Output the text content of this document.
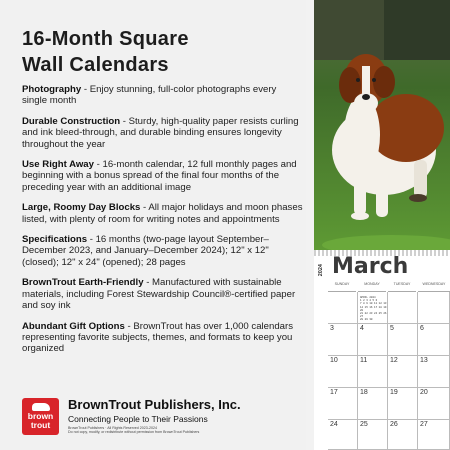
16-Month Square
Wall Calendars
Photography - Enjoy stunning, full-color photographs every single month
Durable Construction - Sturdy, high-quality paper resists curling and ink bleed-through, and durable binding ensures longevity throughout the year
Use Right Away - 16-month calendar, 12 full monthly pages and beginning with a bonus spread of the final four months of the preceding year with an additional image
Large, Roomy Day Blocks - All major holidays and moon phases listed, with plenty of room for writing notes and appointments
Specifications - 16 months (two-page layout September–December 2023, and January–December 2024); 12" x 12" (closed); 12" x 24" (opened); 28 pages
BrownTrout Earth-Friendly - Manufactured with sustainable materials, including Forest Stewardship Council®-certified paper and soy ink
Abundant Gift Options - BrownTrout has over 1,000 calendars representing favorite subjects, themes, and formats to keep you organized
brown
trout
BrownTrout Publishers, Inc.
Connecting People to Their Passions
BrownTrout Publishers · All Rights Reserved 2023-2024
Do not copy, modify, or redistribute without permission from BrownTrout Publishers
2024 March
SUNDAY	MONDAY	TUESDAY	WEDNESDAY
APRIL 2024
1 2 3 4 5 6
7 8 9 10 11 12 13
14 15 16 17 18 19 20
21 22 23 24 25 26 27
28 29 30
3	4	5	6
10	11	12	13
17	18	19	20
24	25	26	27
